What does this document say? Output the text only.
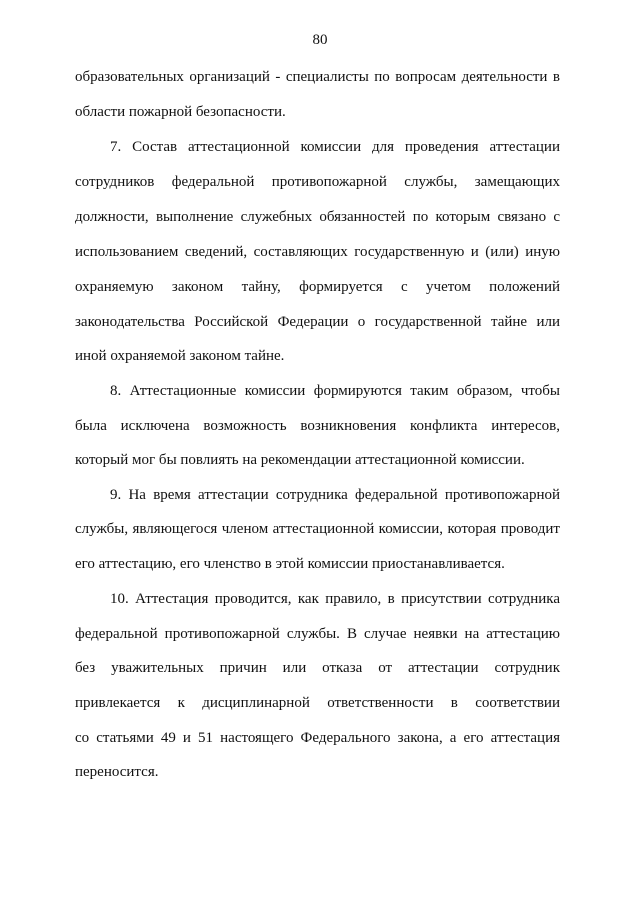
80
образовательных организаций - специалисты по вопросам деятельности в
области пожарной безопасности.
7. Состав аттестационной комиссии для проведения аттестации
сотрудников федеральной противопожарной службы, замещающих
должности, выполнение служебных обязанностей по которым связано с
использованием сведений, составляющих государственную и (или) иную
охраняемую законом тайну, формируется с учетом положений
законодательства Российской Федерации о государственной тайне или
иной охраняемой законом тайне.
8. Аттестационные комиссии формируются таким образом, чтобы
была исключена возможность возникновения конфликта интересов,
который мог бы повлиять на рекомендации аттестационной комиссии.
9. На время аттестации сотрудника федеральной противопожарной
службы, являющегося членом аттестационной комиссии, которая проводит
его аттестацию, его членство в этой комиссии приостанавливается.
10. Аттестация проводится, как правило, в присутствии сотрудника
федеральной противопожарной службы. В случае неявки на аттестацию
без уважительных причин или отказа от аттестации сотрудник
привлекается к дисциплинарной ответственности в соответствии
со статьями 49 и 51 настоящего Федерального закона, а его аттестация
переносится.
